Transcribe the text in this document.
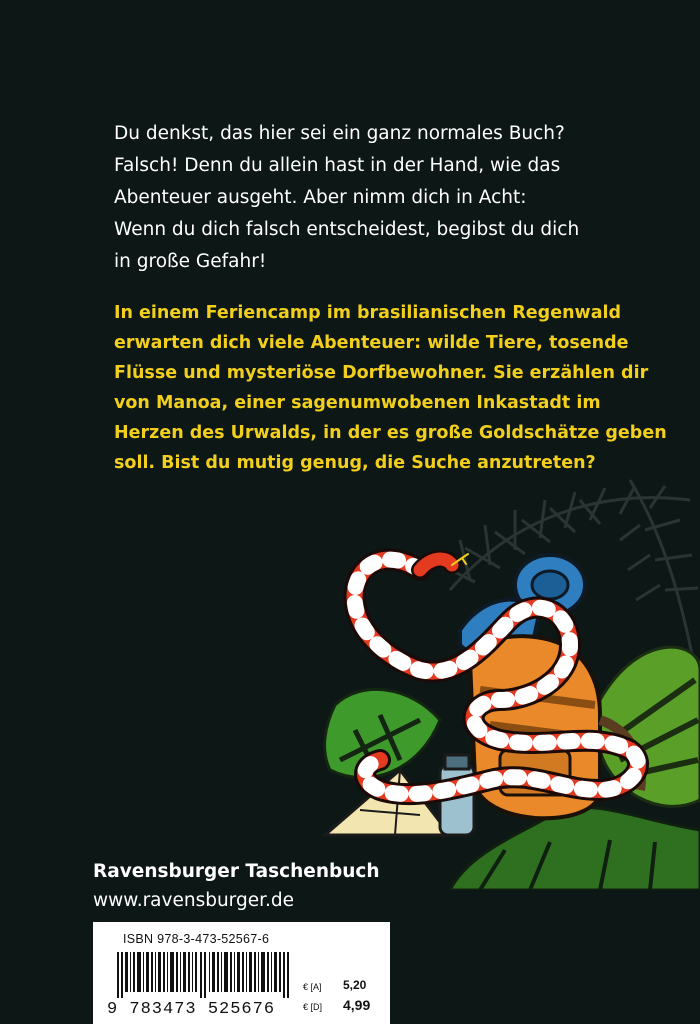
Du denkst, das hier sei ein ganz normales Buch?
Falsch! Denn du allein hast in der Hand, wie das
Abenteuer ausgeht. Aber nimm dich in Acht:
Wenn du dich falsch entscheidest, begibst du dich
in große Gefahr!
In einem Feriencamp im brasilianischen Regenwald
erwarten dich viele Abenteuer: wilde Tiere, tosende
Flüsse und mysteriöse Dorfbewohner. Sie erzählen dir
von Manoa, einer sagenumwobenen Inkastadt im
Herzen des Urwalds, in der es große Goldschätze geben
soll. Bist du mutig genug, die Suche anzutreten?
Ravensburger Taschenbuch
www.ravensburger.de
ISBN 978-3-473-52567-6
9 783473 525676
€ [A] 5,20
€ [D] 4,99
